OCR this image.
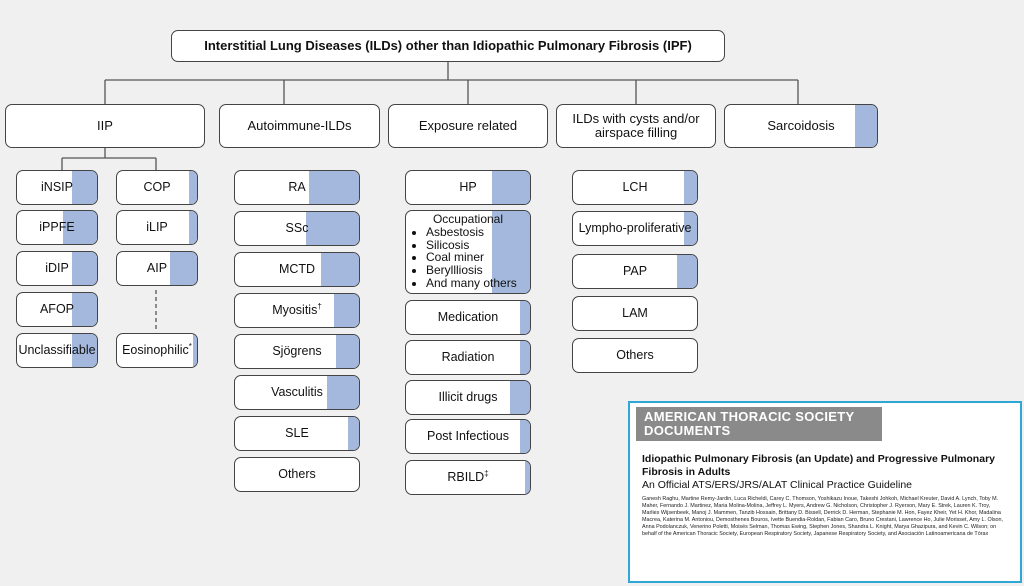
Interstitial Lung Diseases (ILDs) other than Idiopathic Pulmonary Fibrosis (IPF)
IIP	Autoimmune-ILDs	Exposure related	ILDs with cysts and/or airspace filling	Sarcoidosis
iNSIP
iPPFE
iDIP
AFOP
Unclassifiable
COP
iLIP
AIP
Eosinophilic*
RA
SSc
MCTD
Myositis†
Sjögrens
Vasculitis
SLE
Others
HP
Occupational
• Asbestosis
• Silicosis
• Coal miner
• Beryllliosis
• And many others
Medication
Radiation
Illicit drugs
Post Infectious
RBILD‡
LCH
Lympho-proliferative
PAP
LAM
Others
AMERICAN THORACIC SOCIETY DOCUMENTS
Idiopathic Pulmonary Fibrosis (an Update) and Progressive Pulmonary Fibrosis in Adults
An Official ATS/ERS/JRS/ALAT Clinical Practice Guideline
Ganesh Raghu, Martine Remy-Jardin, Luca Richeldi, Carey C. Thomson, Yoshikazu Inoue, Takeshi Johkoh, Michael Kreuter, David A. Lynch, Toby M. Maher, Fernando J. Martinez, Maria Molina-Molina, Jeffrey L. Myers, Andrew G. Nicholson, Christopher J. Ryerson, Mary E. Strek, Lauren K. Troy, Marlies Wijsenbeek, Manoj J. Mammen, Tanzib Hossain, Brittany D. Bissell, Derrick D. Herman, Stephanie M. Hon, Fayez Kheir, Yet H. Khor, Madalina Macrea, Katerina M. Antoniou, Demosthenes Bouros, Ivette Buendia-Roldan, Fabian Caro, Bruno Crestani, Lawrence Ho, Julie Morisset, Amy L. Olson, Anna Podolanczuk, Venerino Poletti, Moisés Selman, Thomas Ewing, Stephen Jones, Shandra L. Knight, Marya Ghazipura, and Kevin C. Wilson; on behalf of the American Thoracic Society, European Respiratory Society, Japanese Respiratory Society, and Asociación Latinoamericana de Tórax
